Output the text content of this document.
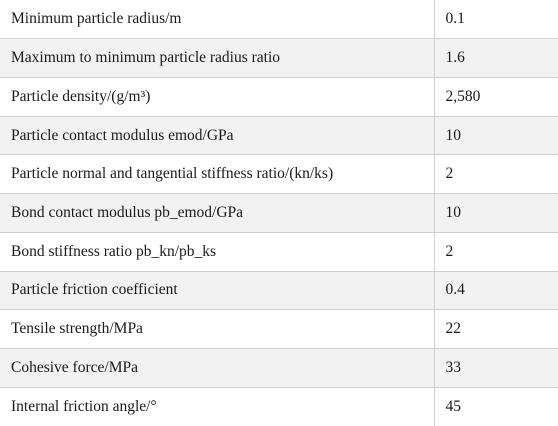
Minimum particle radius/m	0.1
Maximum to minimum particle radius ratio	1.6
Particle density/(g/m³)	2,580
Particle contact modulus emod/GPa	10
Particle normal and tangential stiffness ratio/(kn/ks)	2
Bond contact modulus pb_emod/GPa	10
Bond stiffness ratio pb_kn/pb_ks	2
Particle friction coefficient	0.4
Tensile strength/MPa	22
Cohesive force/MPa	33
Internal friction angle/°	45
